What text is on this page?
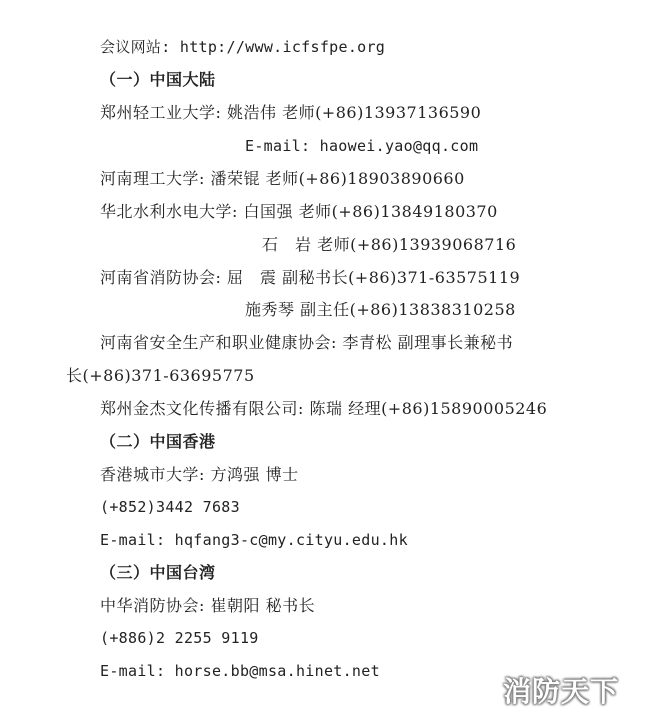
会议网站: http://www.icfsfpe.org
（一）中国大陆
郑州轻工业大学: 姚浩伟 老师(+86)13937136590
E-mail: haowei.yao@qq.com
河南理工大学: 潘荣锟 老师(+86)18903890660
华北水利水电大学: 白国强 老师(+86)13849180370
石　岩 老师(+86)13939068716
河南省消防协会: 屈　震 副秘书长(+86)371-63575119
施秀琴 副主任(+86)13838310258
河南省安全生产和职业健康协会: 李青松 副理事长兼秘书
长(+86)371-63695775
郑州金杰文化传播有限公司: 陈瑞 经理(+86)15890005246
（二）中国香港
香港城市大学: 方鸿强 博士
(+852)3442 7683
E-mail: hqfang3-c@my.cityu.edu.hk
（三）中国台湾
中华消防协会: 崔朝阳 秘书长
(+886)2 2255 9119
E-mail: horse.bb@msa.hinet.net
消防天下
